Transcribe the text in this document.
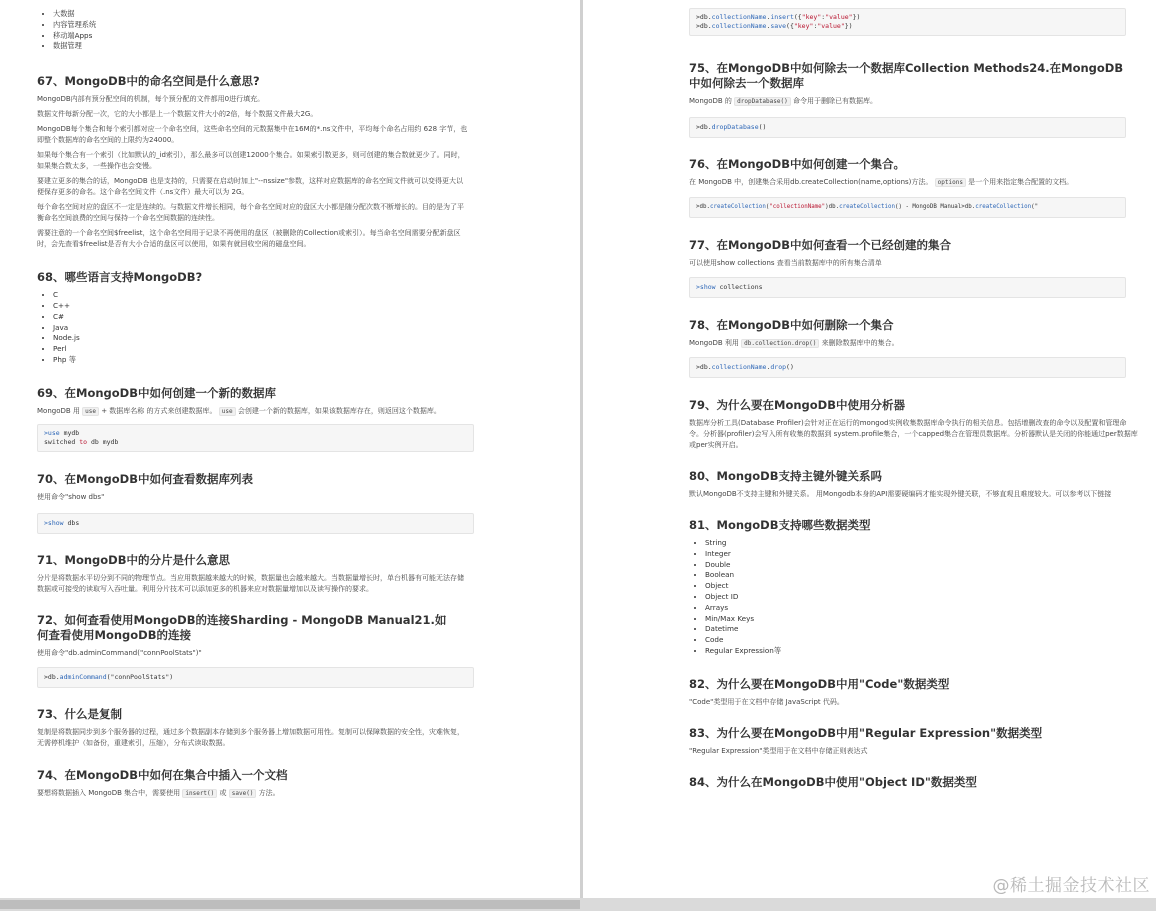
• 大数据
• 内容管理系统
• 移动端Apps
• 数据管理
67、MongoDB中的命名空间是什么意思?

MongoDB内部有预分配空间的机制，每个预分配的文件都用0进行填充。

数据文件每新分配一次，它的大小都是上一个数据文件大小的2倍，每个数据文件最大2G。

MongoDB每个集合和每个索引都对应一个命名空间，这些命名空间的元数据集中在16M的*.ns文件中，平均每个命名占用约 628 字节，也即整个数据库的命名空间的上限约为24000。

如果每个集合有一个索引（比如默认的_id索引），那么最多可以创建12000个集合。如果索引数更多，则可创建的集合数就更少了。同时，如果集合数太多，一些操作也会变慢。

要建立更多的集合的话，MongoDB 也是支持的，只需要在启动时加上"--nssize"参数，这样对应数据库的命名空间文件就可以变得更大以便保存更多的命名。这个命名空间文件（.ns文件）最大可以为 2G。

每个命名空间对应的盘区不一定是连续的。与数据文件增长相同，每个命名空间对应的盘区大小都是随分配次数不断增长的。目的是为了平衡命名空间浪费的空间与保持一个命名空间数据的连续性。

需要注意的一个命名空间$freelist，这个命名空间用于记录不再使用的盘区（被删除的Collection或索引）。每当命名空间需要分配新盘区时，会先查看$freelist是否有大小合适的盘区可以使用，如果有就回收空闲的磁盘空间。

68、哪些语言支持MongoDB?
• C
• C++
• C#
• Java
• Node.js
• Perl
• Php 等
69、在MongoDB中如何创建一个新的数据库

MongoDB 用 use + 数据库名称 的方式来创建数据库。 use 会创建一个新的数据库，如果该数据库存在，则返回这个数据库。

>use mydb
switched to db mydb
70、在MongoDB中如何查看数据库列表

使用命令"show dbs"

>show dbs
71、MongoDB中的分片是什么意思

分片是将数据水平切分到不同的物理节点。当应用数据越来越大的时候，数据量也会越来越大。当数据量增长时，单台机器有可能无法存储数据或可接受的读取写入吞吐量。利用分片技术可以添加更多的机器来应对数据量增加以及读写操作的要求。

72、如何查看使用MongoDB的连接Sharding - MongoDB Manual21.如何查看使用MongoDB的连接

使用命令"db.adminCommand("connPoolStats")"

>db.adminCommand("connPoolStats")
73、什么是复制

复制是将数据同步到多个服务器的过程，通过多个数据副本存储到多个服务器上增加数据可用性。复制可以保障数据的安全性，灾难恢复，无需停机维护（如备份，重建索引，压缩），分布式读取数据。

74、在MongoDB中如何在集合中插入一个文档

要想将数据插入 MongoDB 集合中，需要使用 insert() 或 save() 方法。

>db.collectionName.insert({"key":"value"})
>db.collectionName.save({"key":"value"})
75、在MongoDB中如何除去一个数据库Collection Methods24.在MongoDB中如何除去一个数据库

MongoDB 的 dropDatabase() 命令用于删除已有数据库。

>db.dropDatabase()
76、在MongoDB中如何创建一个集合。

在 MongoDB 中，创建集合采用db.createCollection(name,options)方法。 options 是一个用来指定集合配置的文档。

>db.createCollection("collectionName")db.createCollection() - MongoDB Manual>db.createCollection("
77、在MongoDB中如何查看一个已经创建的集合

可以使用show collections 查看当前数据库中的所有集合清单

>show collections
78、在MongoDB中如何删除一个集合

MongoDB 利用 db.collection.drop() 来删除数据库中的集合。

>db.collectionName.drop()
79、为什么要在MongoDB中使用分析器

数据库分析工具(Database Profiler)会针对正在运行的mongod实例收集数据库命令执行的相关信息。包括增删改查的命令以及配置和管理命令。分析器(profiler)会写入所有收集的数据到 system.profile集合，一个capped集合在管理员数据库。分析器默认是关闭的你能通过per数据库或per实例开启。

80、MongoDB支持主键外键关系吗

默认MongoDB不支持主键和外键关系。 用Mongodb本身的API需要硬编码才能实现外键关联，不够直观且难度较大。可以参考以下链接

81、MongoDB支持哪些数据类型
• String
• Integer
• Double
• Boolean
• Object
• Object ID
• Arrays
• Min/Max Keys
• Datetime
• Code
• Regular Expression等
82、为什么要在MongoDB中用"Code"数据类型

"Code"类型用于在文档中存储 JavaScript 代码。

83、为什么要在MongoDB中用"Regular Expression"数据类型

"Regular Expression"类型用于在文档中存储正则表达式

84、为什么在MongoDB中使用"Object ID"数据类型
@稀土掘金技术社区
